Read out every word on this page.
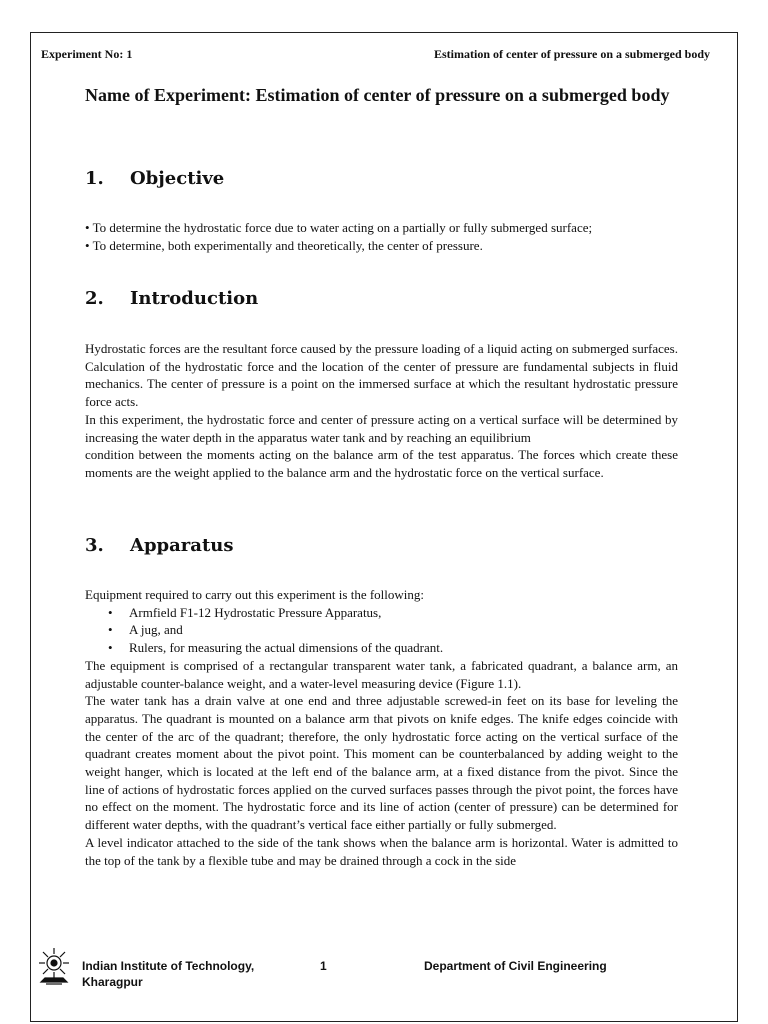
Experiment No: 1	Estimation of center of pressure on a submerged body
Name of Experiment: Estimation of center of pressure on a submerged body
1. Objective

• To determine the hydrostatic force due to water acting on a partially or fully submerged surface;

• To determine, both experimentally and theoretically, the center of pressure.

2. Introduction

Hydrostatic forces are the resultant force caused by the pressure loading of a liquid acting on submerged surfaces. Calculation of the hydrostatic force and the location of the center of pressure are fundamental subjects in fluid mechanics. The center of pressure is a point on the immersed surface at which the resultant hydrostatic pressure force acts.

In this experiment, the hydrostatic force and center of pressure acting on a vertical surface will be determined by increasing the water depth in the apparatus water tank and by reaching an equilibrium

condition between the moments acting on the balance arm of the test apparatus. The forces which create these moments are the weight applied to the balance arm and the hydrostatic force on the vertical surface.

3. Apparatus

Equipment required to carry out this experiment is the following:

• Armfield F1-12 Hydrostatic Pressure Apparatus,
• A jug, and
• Rulers, for measuring the actual dimensions of the quadrant.

The equipment is comprised of a rectangular transparent water tank, a fabricated quadrant, a balance arm, an adjustable counter-balance weight, and a water-level measuring device (Figure 1.1).

The water tank has a drain valve at one end and three adjustable screwed-in feet on its base for leveling the apparatus. The quadrant is mounted on a balance arm that pivots on knife edges. The knife edges coincide with the center of the arc of the quadrant; therefore, the only hydrostatic force acting on the vertical surface of the quadrant creates moment about the pivot point. This moment can be counterbalanced by adding weight to the weight hanger, which is located at the left end of the balance arm, at a fixed distance from the pivot. Since the line of actions of hydrostatic forces applied on the curved surfaces passes through the pivot point, the forces have no effect on the moment. The hydrostatic force and its line of action (center of pressure) can be determined for different water depths, with the quadrant’s vertical face either partially or fully submerged.

A level indicator attached to the side of the tank shows when the balance arm is horizontal. Water is admitted to the top of the tank by a flexible tube and may be drained through a cock in the side

Indian Institute of Technology,
Kharagpur
1	Department of Civil Engineering
